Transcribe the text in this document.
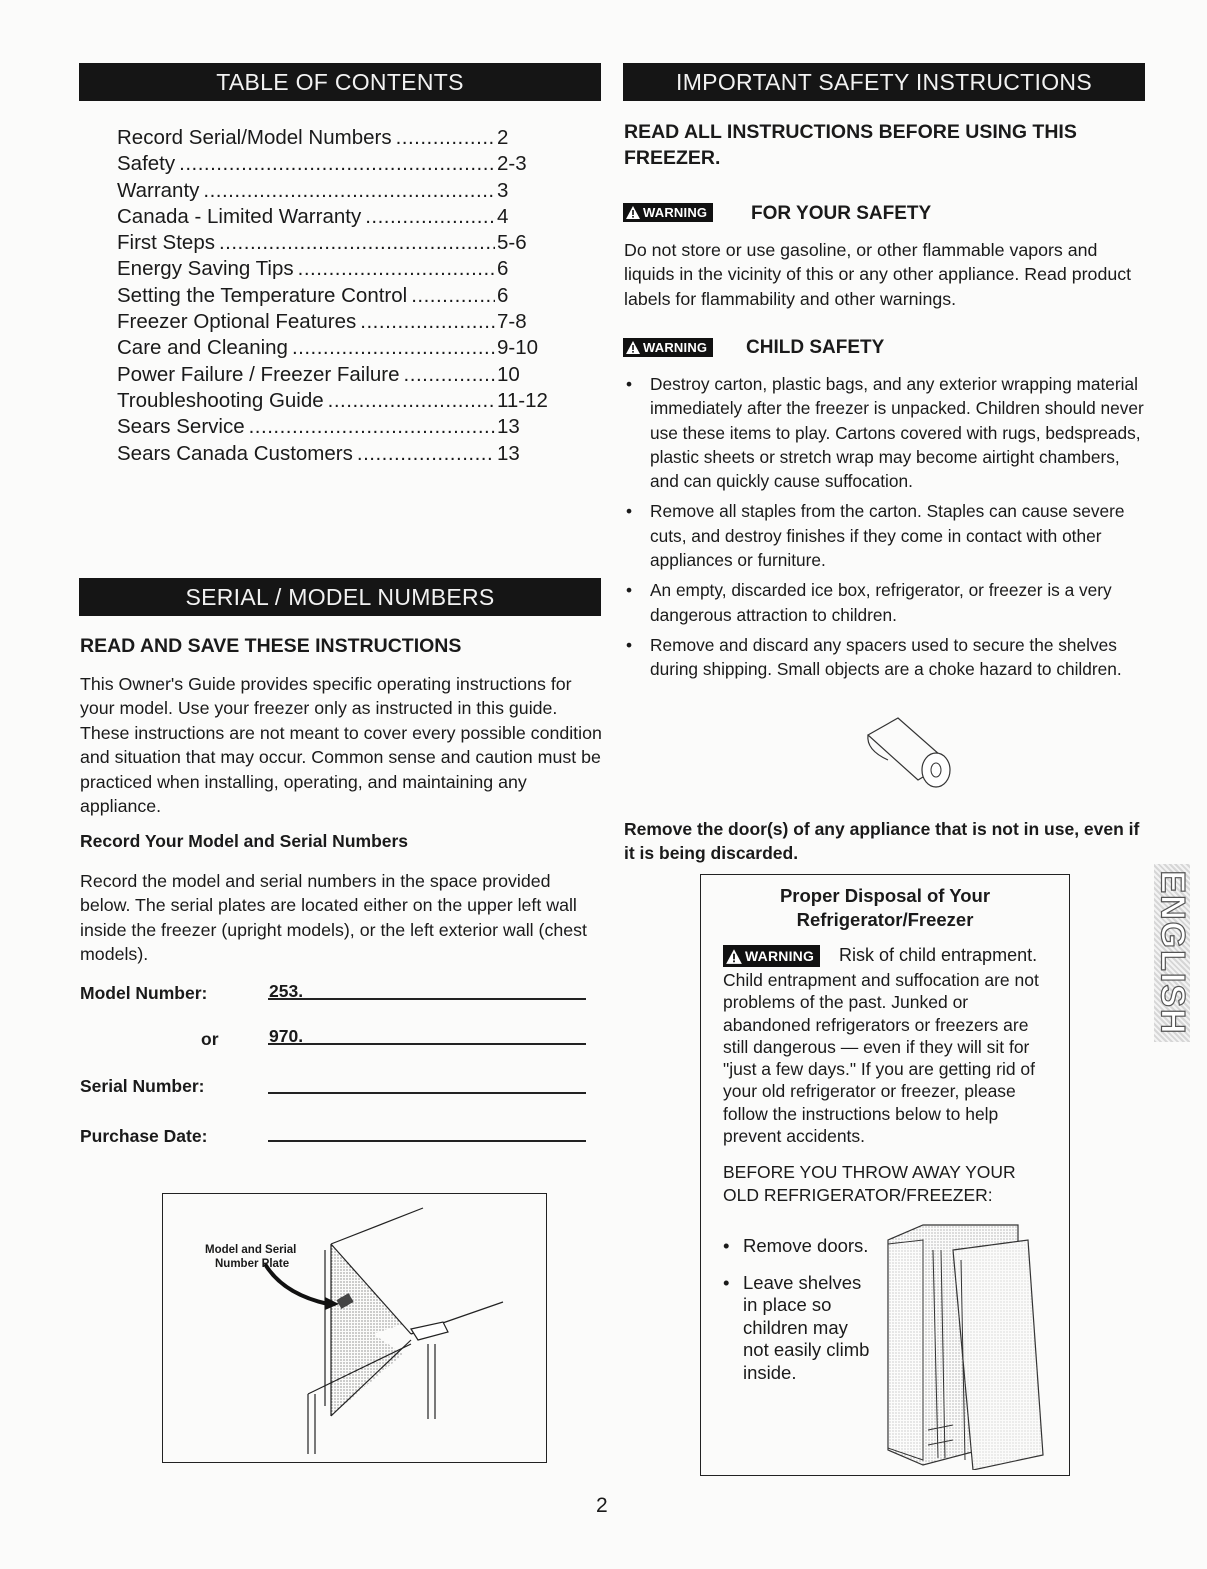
TABLE OF CONTENTS
Record Serial/Model Numbers .....	2
Safety .....	2-3
Warranty .....	3
Canada - Limited Warranty .....	4
First Steps .....	5-6
Energy Saving Tips .....	6
Setting the Temperature Control .....	6
Freezer Optional Features .....	7-8
Care and Cleaning .....	9-10
Power Failure / Freezer Failure .....	10
Troubleshooting Guide .....	11-12
Sears Service .....	13
Sears Canada Customers .....	13
SERIAL / MODEL NUMBERS
READ AND SAVE THESE INSTRUCTIONS
This Owner's Guide provides specific operating instructions for your model. Use your freezer only as instructed in this guide. These instructions are not meant to cover every possible condition and situation that may occur. Common sense and caution must be practiced when installing, operating, and maintaining any appliance.
Record Your Model and Serial Numbers
Record the model and serial numbers in the space provided below. The serial plates are located either on the upper left wall inside the freezer (upright models), or the left exterior wall (chest models).
Model Number:	253.
or	970.
Serial Number:
Purchase Date:
Model and Serial
Number Plate
IMPORTANT SAFETY INSTRUCTIONS
READ ALL INSTRUCTIONS BEFORE USING THIS FREEZER.
WARNING FOR YOUR SAFETY
Do not store or use gasoline, or other flammable vapors and liquids in the vicinity of this or any other appliance. Read product labels for flammability and other warnings.
WARNING CHILD SAFETY
• Destroy carton, plastic bags, and any exterior wrapping material immediately after the freezer is unpacked. Children should never use these items to play. Cartons covered with rugs, bedspreads, plastic sheets or stretch wrap may become airtight chambers, and can quickly cause suffocation.
• Remove all staples from the carton. Staples can cause severe cuts, and destroy finishes if they come in contact with other appliances or furniture.
• An empty, discarded ice box, refrigerator, or freezer is a very dangerous attraction to children.
• Remove and discard any spacers used to secure the shelves during shipping. Small objects are a choke hazard to children.
Remove the door(s) of any appliance that is not in use, even if it is being discarded.
Proper Disposal of Your
Refrigerator/Freezer
WARNING Risk of child entrapment.
Child entrapment and suffocation are not problems of the past. Junked or abandoned refrigerators or freezers are still dangerous — even if they will sit for "just a few days." If you are getting rid of your old refrigerator or freezer, please follow the instructions below to help prevent accidents.
BEFORE YOU THROW AWAY YOUR OLD REFRIGERATOR/FREEZER:
• Remove doors.
• Leave shelves in place so children may not easily climb inside.
ENGLISH
2
